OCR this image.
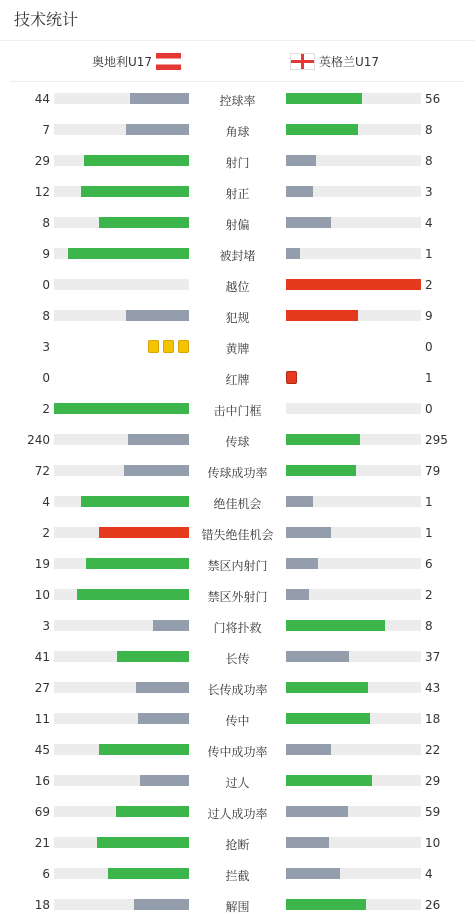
技术统计
奥地利U17	英格兰U17
44	控球率	56
7	角球	8
29	射门	8
12	射正	3
8	射偏	4
9	被封堵	1
0	越位	2
8	犯规	9
3	黄牌	0
0	红牌	1
2	击中门框	0
240	传球	295
72	传球成功率	79
4	绝佳机会	1
2	错失绝佳机会	1
19	禁区内射门	6
10	禁区外射门	2
3	门将扑救	8
41	长传	37
27	长传成功率	43
11	传中	18
45	传中成功率	22
16	过人	29
69	过人成功率	59
21	抢断	10
6	拦截	4
18	解围	26
